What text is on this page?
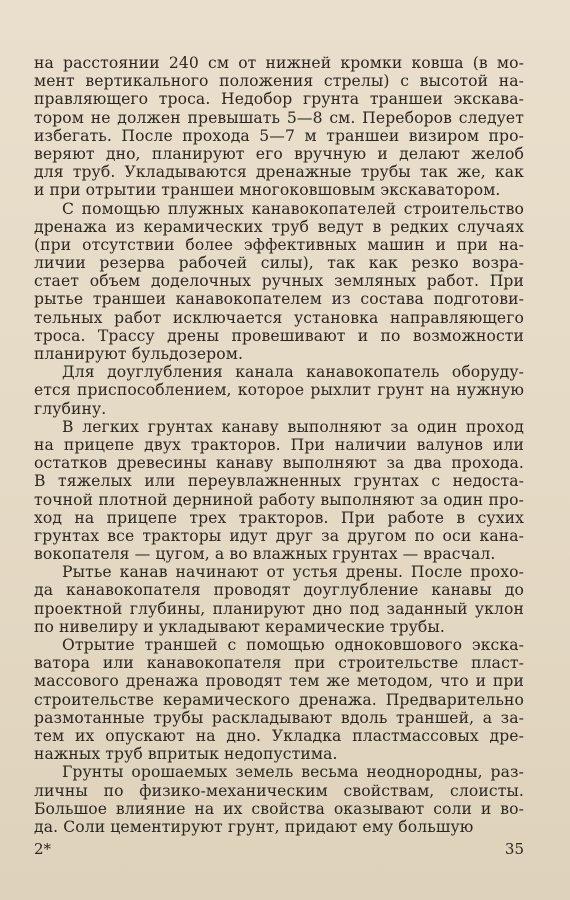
на расстоянии 240 см от нижней кромки ковша (в мо-
мент вертикального положения стрелы) с высотой на-
правляющего троса. Недобор грунта траншеи экскава-
тором не должен превышать 5—8 см. Переборов следует
избегать. После прохода 5—7 м траншеи визиром про-
веряют дно, планируют его вручную и делают желоб
для труб. Укладываются дренажные трубы так же, как
и при отрытии траншеи многоковшовым экскаватором.
С помощью плужных канавокопателей строительство
дренажа из керамических труб ведут в редких случаях
(при отсутствии более эффективных машин и при на-
личии резерва рабочей силы), так как резко возра-
стает объем доделочных ручных земляных работ. При
рытье траншеи канавокопателем из состава подготови-
тельных работ исключается установка направляющего
троса. Трассу дрены провешивают и по возможности
планируют бульдозером.
Для доуглубления канала канавокопатель оборуду-
ется приспособлением, которое рыхлит грунт на нужную
глубину.
В легких грунтах канаву выполняют за один проход
на прицепе двух тракторов. При наличии валунов или
остатков древесины канаву выполняют за два прохода.
В тяжелых или переувлажненных грунтах с недоста-
точной плотной дерниной работу выполняют за один про-
ход на прицепе трех тракторов. При работе в сухих
грунтах все тракторы идут друг за другом по оси кана-
вокопателя — цугом, а во влажных грунтах — врасчал.
Рытье канав начинают от устья дрены. После прохо-
да канавокопателя проводят доуглубление канавы до
проектной глубины, планируют дно под заданный уклон
по нивелиру и укладывают керамические трубы.
Отрытие траншей с помощью одноковшового экска-
ватора или канавокопателя при строительстве пласт-
массового дренажа проводят тем же методом, что и при
строительстве керамического дренажа. Предварительно
размотанные трубы раскладывают вдоль траншей, а за-
тем их опускают на дно. Укладка пластмассовых дре-
нажных труб впритык недопустима.
Грунты орошаемых земель весьма неоднородны, раз-
личны по физико-механическим свойствам, слоисты.
Большое влияние на их свойства оказывают соли и во-
да. Соли цементируют грунт, придают ему большую
2*	35
